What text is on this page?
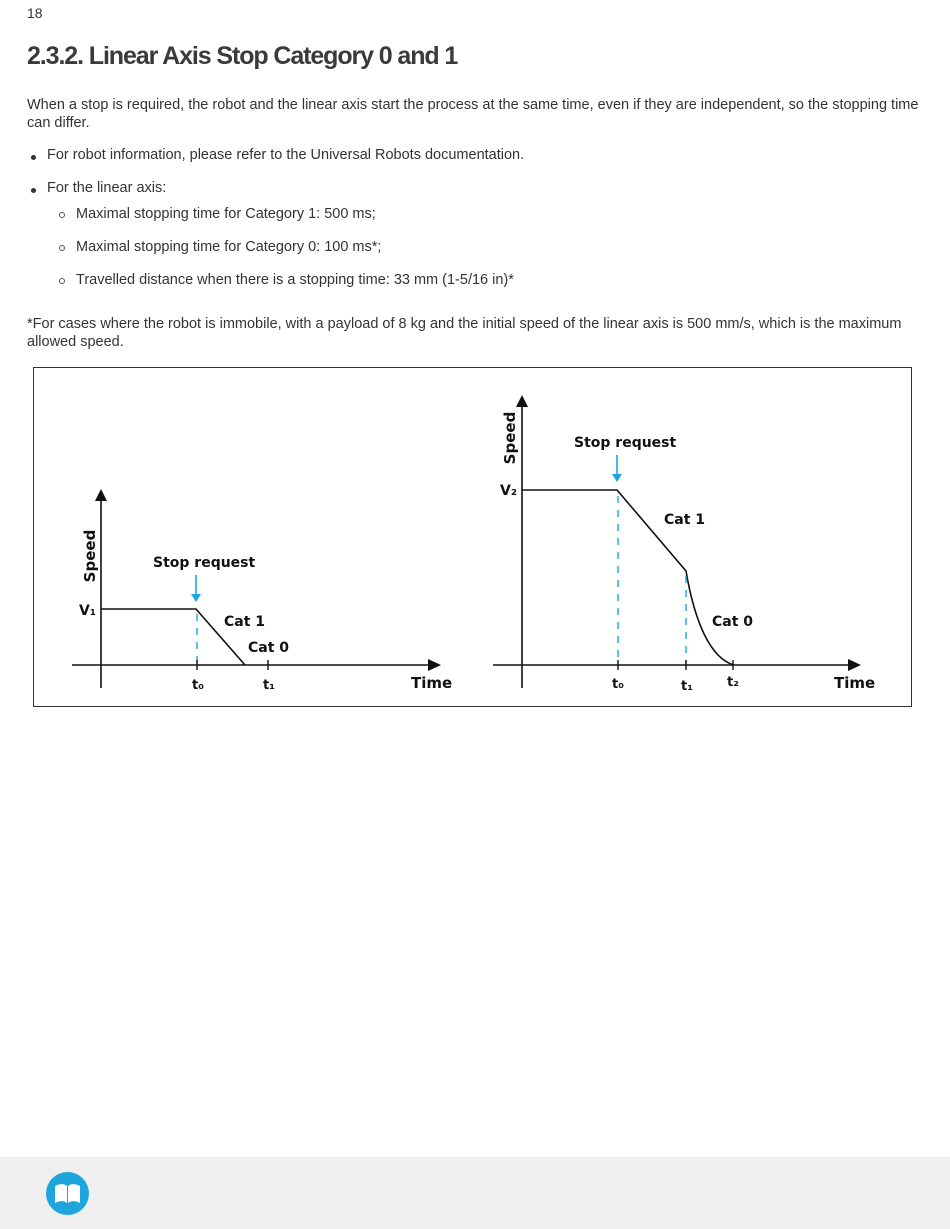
18
2.3.2. Linear Axis Stop Category 0 and 1

When a stop is required, the robot and the linear axis start the process at the same time, even if they are independent, so the stopping time can differ.

For robot information, please refer to the Universal Robots documentation.
For the linear axis:
Maximal stopping time for Category 1: 500 ms;
Maximal stopping time for Category 0: 100 ms*;
Travelled distance when there is a stopping time: 33 mm (1-5/16 in)*

*For cases where the robot is immobile, with a payload of 8 kg and the initial speed of the linear axis is 500 mm/s, which is the maximum allowed speed.

Speed
V₁
Stop request
Cat 1
Cat 0
t₀	t₁	Time
Speed
V₂
Stop request
Cat 1
Cat 0
t₀	t₁	t₂	Time
